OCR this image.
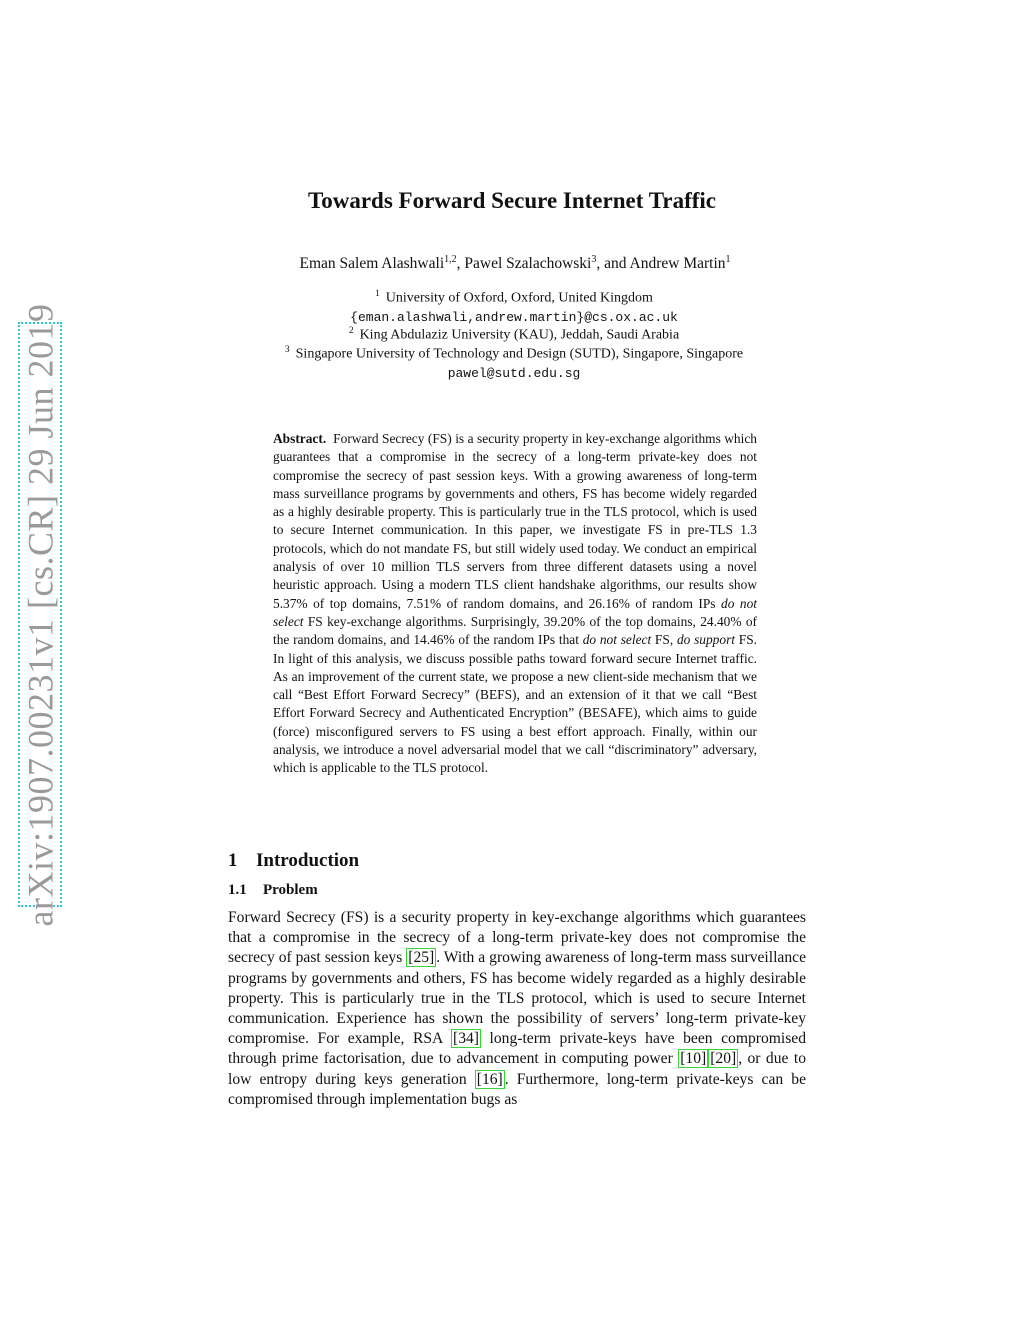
arXiv:1907.00231v1 [cs.CR] 29 Jun 2019
Towards Forward Secure Internet Traffic
Eman Salem Alashwali$^{1,2}$, Pawel Szalachowski$^3$, and Andrew Martin$^1$
$^1$ University of Oxford, Oxford, United Kingdom
{eman.alashwali,andrew.martin}@cs.ox.ac.uk
$^2$ King Abdulaziz University (KAU), Jeddah, Saudi Arabia
$^3$ Singapore University of Technology and Design (SUTD), Singapore, Singapore
pawel@sutd.edu.sg
Abstract. Forward Secrecy (FS) is a security property in key-exchange algorithms which guarantees that a compromise in the secrecy of a long-term private-key does not compromise the secrecy of past session keys. With a growing awareness of long-term mass surveillance programs by governments and others, FS has become widely regarded as a highly desirable property. This is particularly true in the TLS protocol, which is used to secure Internet communication. In this paper, we investigate FS in pre-TLS 1.3 protocols, which do not mandate FS, but still widely used today. We conduct an empirical analysis of over 10 million TLS servers from three different datasets using a novel heuristic approach. Using a modern TLS client handshake algorithms, our results show 5.37% of top domains, 7.51% of random domains, and 26.16% of random IPs do not select FS key-exchange algorithms. Surprisingly, 39.20% of the top domains, 24.40% of the random domains, and 14.46% of the random IPs that do not select FS, do support FS. In light of this analysis, we discuss possible paths toward forward secure Internet traffic. As an improvement of the current state, we propose a new client-side mechanism that we call “Best Effort Forward Secrecy” (BEFS), and an extension of it that we call “Best Effort Forward Secrecy and Authenticated Encryption” (BESAFE), which aims to guide (force) misconfigured servers to FS using a best effort approach. Finally, within our analysis, we introduce a novel adversarial model that we call “discriminatory” adversary, which is applicable to the TLS protocol.
1 Introduction
1.1 Problem
Forward Secrecy (FS) is a security property in key-exchange algorithms which guarantees that a compromise in the secrecy of a long-term private-key does not compromise the secrecy of past session keys [25] . With a growing awareness of long-term mass surveillance programs by governments and others, FS has become widely regarded as a highly desirable property. This is particularly true in the TLS protocol, which is used to secure Internet communication. Experience has shown the possibility of servers’ long-term private-key compromise. For example, RSA [34] long-term private-keys have been compromised through prime factorisation, due to advancement in computing power [10] [20] , or due to low entropy during keys generation [16] . Furthermore, long-term private-keys can be compromised through implementation bugs as
